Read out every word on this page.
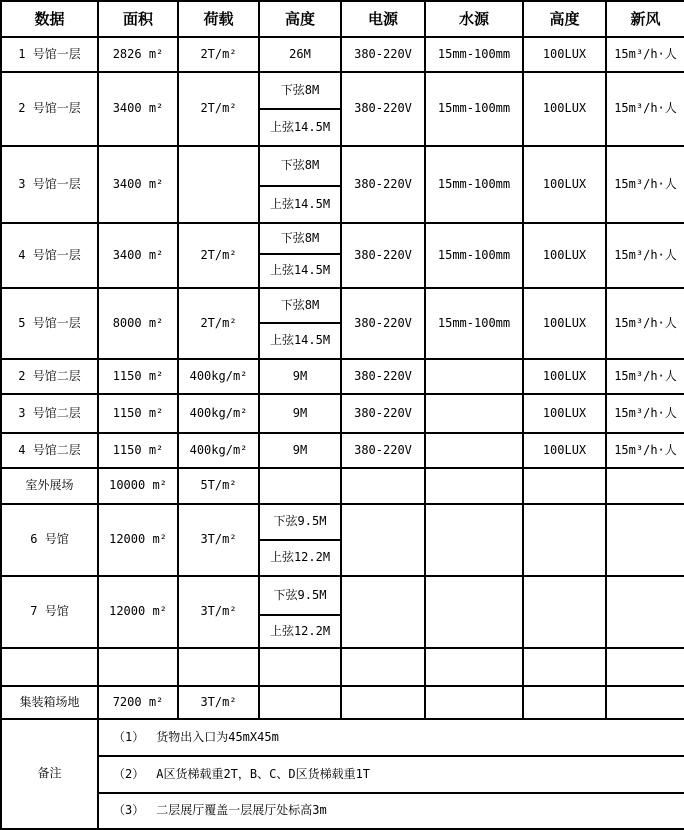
数据	面积	荷载	高度	电源	水源	高度	新风
1 号馆一层	2826 m²	2T/m²	26M	380-220V	15mm-100mm	100LUX	15m³/h·人
2 号馆一层	3400 m²	2T/m²	下弦8M	380-220V	15mm-100mm	100LUX	15m³/h·人
			上弦14.5M				
3 号馆一层	3400 m²		下弦8M	380-220V	15mm-100mm	100LUX	15m³/h·人
			上弦14.5M				
4 号馆一层	3400 m²	2T/m²	下弦8M	380-220V	15mm-100mm	100LUX	15m³/h·人
			上弦14.5M				
5 号馆一层	8000 m²	2T/m²	下弦8M	380-220V	15mm-100mm	100LUX	15m³/h·人
			上弦14.5M				
2 号馆二层	1150 m²	400kg/m²	9M	380-220V		100LUX	15m³/h·人
3 号馆二层	1150 m²	400kg/m²	9M	380-220V		100LUX	15m³/h·人
4 号馆二层	1150 m²	400kg/m²	9M	380-220V		100LUX	15m³/h·人
室外展场	10000 m²	5T/m²					
6 号馆	12000 m²	3T/m²	下弦9.5M				
			上弦12.2M				
7 号馆	12000 m²	3T/m²	下弦9.5M				
			上弦12.2M				

集装箱场地	7200 m²	3T/m²					
备注	（1） 货物出入口为45mX45m						

	（2） A区货梯载重2T，B、C、D区货梯载重1T						

	（3） 二层展厅覆盖一层展厅处标高3m						
